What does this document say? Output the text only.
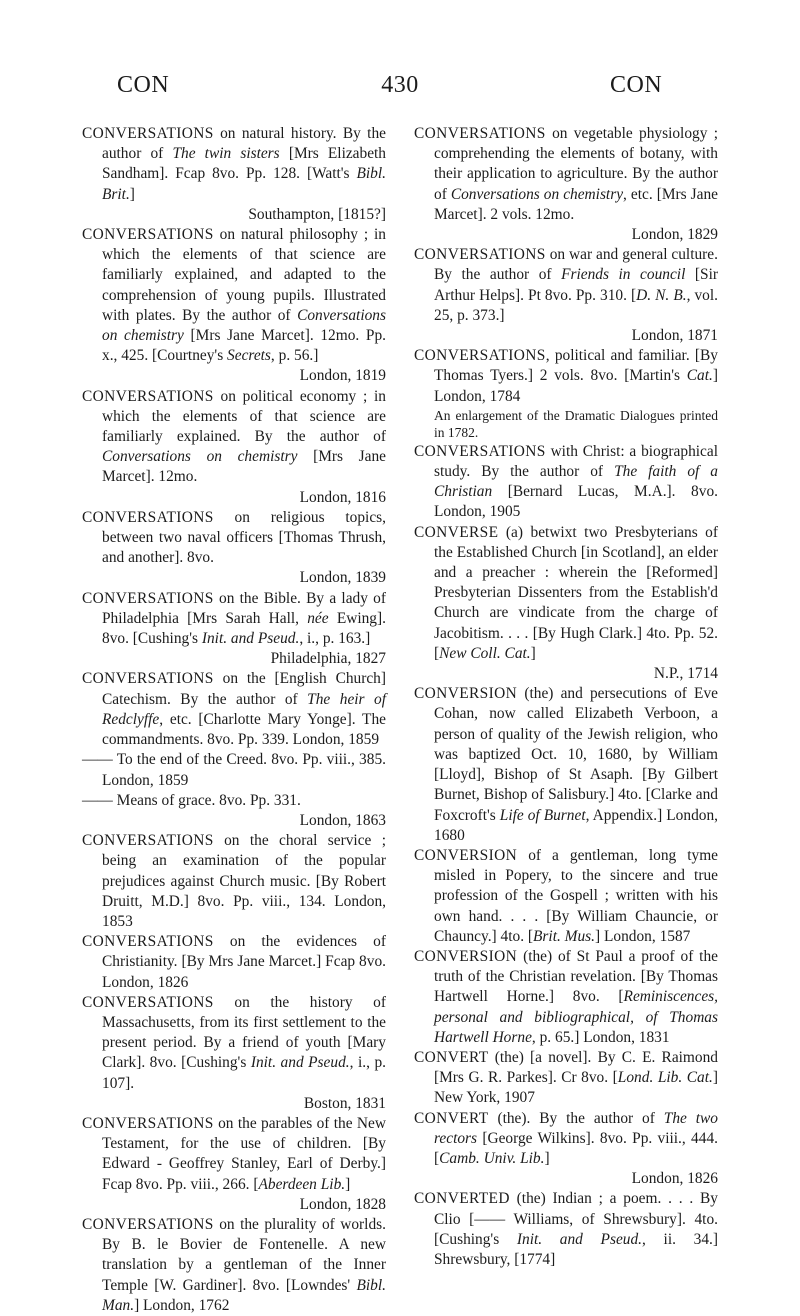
CON	430	CON
CONVERSATIONS on natural history. By the author of The twin sisters [Mrs Elizabeth Sandham]. Fcap 8vo. Pp. 128. [Watt's Bibl. Brit.]
Southampton, [1815?]
CONVERSATIONS on natural philosophy ; in which the elements of that science are familiarly explained, and adapted to the comprehension of young pupils. Illustrated with plates. By the author of Conversations on chemistry [Mrs Jane Marcet]. 12mo. Pp. x., 425. [Courtney's Secrets, p. 56.]
London, 1819
CONVERSATIONS on political economy ; in which the elements of that science are familiarly explained. By the author of Conversations on chemistry [Mrs Jane Marcet]. 12mo.
London, 1816
CONVERSATIONS on religious topics, between two naval officers [Thomas Thrush, and another]. 8vo.
London, 1839
CONVERSATIONS on the Bible. By a lady of Philadelphia [Mrs Sarah Hall, née Ewing]. 8vo. [Cushing's Init. and Pseud., i., p. 163.]
Philadelphia, 1827
CONVERSATIONS on the [English Church] Catechism. By the author of The heir of Redclyffe, etc. [Charlotte Mary Yonge]. The commandments. 8vo. Pp. 339. London, 1859
—— To the end of the Creed. 8vo. Pp. viii., 385. London, 1859
—— Means of grace. 8vo. Pp. 331.
London, 1863
CONVERSATIONS on the choral service ; being an examination of the popular prejudices against Church music. [By Robert Druitt, M.D.] 8vo. Pp. viii., 134. London, 1853
CONVERSATIONS on the evidences of Christianity. [By Mrs Jane Marcet.] Fcap 8vo. London, 1826
CONVERSATIONS on the history of Massachusetts, from its first settlement to the present period. By a friend of youth [Mary Clark]. 8vo. [Cushing's Init. and Pseud., i., p. 107].
Boston, 1831
CONVERSATIONS on the parables of the New Testament, for the use of children. [By Edward - Geoffrey Stanley, Earl of Derby.] Fcap 8vo. Pp. viii., 266. [Aberdeen Lib.]
London, 1828
CONVERSATIONS on the plurality of worlds. By B. le Bovier de Fontenelle. A new translation by a gentleman of the Inner Temple [W. Gardiner]. 8vo. [Lowndes' Bibl. Man.] London, 1762
CONVERSATIONS on vegetable physiology ; comprehending the elements of botany, with their application to agriculture. By the author of Conversations on chemistry, etc. [Mrs Jane Marcet]. 2 vols. 12mo.
London, 1829
CONVERSATIONS on war and general culture. By the author of Friends in council [Sir Arthur Helps]. Pt 8vo. Pp. 310. [D. N. B., vol. 25, p. 373.]
London, 1871
CONVERSATIONS, political and familiar. [By Thomas Tyers.] 2 vols. 8vo. [Martin's Cat.] London, 1784
An enlargement of the Dramatic Dialogues printed in 1782.
CONVERSATIONS with Christ: a biographical study. By the author of The faith of a Christian [Bernard Lucas, M.A.]. 8vo. London, 1905
CONVERSE (a) betwixt two Presbyterians of the Established Church [in Scotland], an elder and a preacher : wherein the [Reformed] Presbyterian Dissenters from the Establish'd Church are vindicate from the charge of Jacobitism. . . . [By Hugh Clark.] 4to. Pp. 52. [New Coll. Cat.]
N.P., 1714
CONVERSION (the) and persecutions of Eve Cohan, now called Elizabeth Verboon, a person of quality of the Jewish religion, who was baptized Oct. 10, 1680, by William [Lloyd], Bishop of St Asaph. [By Gilbert Burnet, Bishop of Salisbury.] 4to. [Clarke and Foxcroft's Life of Burnet, Appendix.] London, 1680
CONVERSION of a gentleman, long tyme misled in Popery, to the sincere and true profession of the Gospell ; written with his own hand. . . . [By William Chauncie, or Chauncy.] 4to. [Brit. Mus.] London, 1587
CONVERSION (the) of St Paul a proof of the truth of the Christian revelation. [By Thomas Hartwell Horne.] 8vo. [Reminiscences, personal and bibliographical, of Thomas Hartwell Horne, p. 65.] London, 1831
CONVERT (the) [a novel]. By C. E. Raimond [Mrs G. R. Parkes]. Cr 8vo. [Lond. Lib. Cat.] New York, 1907
CONVERT (the). By the author of The two rectors [George Wilkins]. 8vo. Pp. viii., 444. [Camb. Univ. Lib.]
London, 1826
CONVERTED (the) Indian ; a poem. . . . By Clio [—— Williams, of Shrewsbury]. 4to. [Cushing's Init. and Pseud., ii. 34.] Shrewsbury, [1774]
